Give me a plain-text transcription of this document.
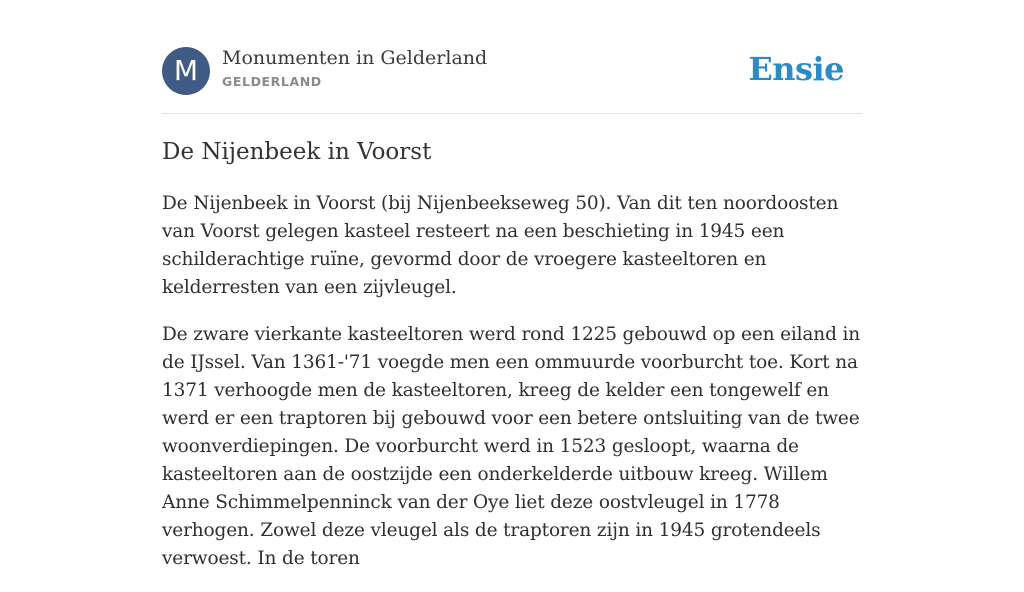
M	Monumenten in Gelderland
GELDERLAND	Ensie
De Nijenbeek in Voorst

De Nijenbeek in Voorst (bij Nijenbeekseweg 50). Van dit ten noordoosten van Voorst gelegen kasteel resteert na een beschieting in 1945 een schilderachtige ruïne, gevormd door de vroegere kasteeltoren en kelderresten van een zijvleugel.

De zware vierkante kasteeltoren werd rond 1225 gebouwd op een eiland in de IJssel. Van 1361-'71 voegde men een ommuurde voorburcht toe. Kort na 1371 verhoogde men de kasteeltoren, kreeg de kelder een tongewelf en werd er een traptoren bij gebouwd voor een betere ontsluiting van de twee woonverdiepingen. De voorburcht werd in 1523 gesloopt, waarna de kasteeltoren aan de oostzijde een onderkelderde uitbouw kreeg. Willem Anne Schimmelpenninck van der Oye liet deze oostvleugel in 1778 verhogen. Zowel deze vleugel als de traptoren zijn in 1945 grotendeels verwoest. In de toren
